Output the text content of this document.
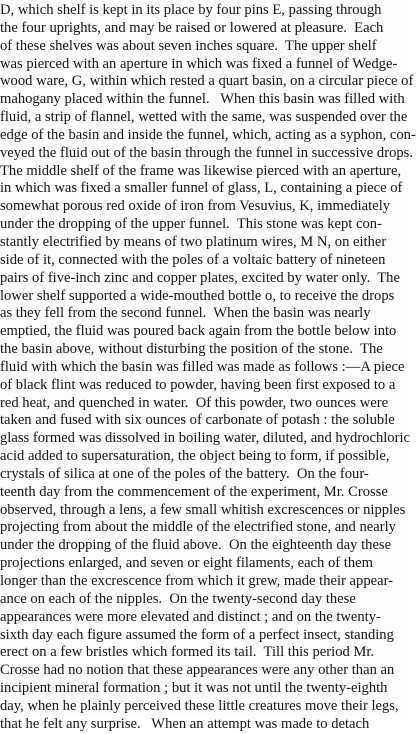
D, which shelf is kept in its place by four pins E, passing through
the four uprights, and may be raised or lowered at pleasure.  Each
of these shelves was about seven inches square.  The upper shelf
was pierced with an aperture in which was fixed a funnel of Wedge-
wood ware, G, within which rested a quart basin, on a circular piece of
mahogany placed within the funnel.   When this basin was filled with
fluid, a strip of flannel, wetted with the same, was suspended over the
edge of the basin and inside the funnel, which, acting as a syphon, con-
veyed the fluid out of the basin through the funnel in successive drops.
The middle shelf of the frame was likewise pierced with an aperture,
in which was fixed a smaller funnel of glass, L, containing a piece of
somewhat porous red oxide of iron from Vesuvius, K, immediately
under the dropping of the upper funnel.  This stone was kept con-
stantly electrified by means of two platinum wires, M N, on either
side of it, connected with the poles of a voltaic battery of nineteen
pairs of five-inch zinc and copper plates, excited by water only.  The
lower shelf supported a wide-mouthed bottle o, to receive the drops
as they fell from the second funnel.  When the basin was nearly
emptied, the fluid was poured back again from the bottle below into
the basin above, without disturbing the position of the stone.  The
fluid with which the basin was filled was made as follows :—A piece
of black flint was reduced to powder, having been first exposed to a
red heat, and quenched in water.  Of this powder, two ounces were
taken and fused with six ounces of carbonate of potash : the soluble
glass formed was dissolved in boiling water, diluted, and hydrochloric
acid added to supersaturation, the object being to form, if possible,
crystals of silica at one of the poles of the battery.  On the four-
teenth day from the commencement of the experiment, Mr. Crosse
observed, through a lens, a few small whitish excrescences or nipples
projecting from about the middle of the electrified stone, and nearly
under the dropping of the fluid above.  On the eighteenth day these
projections enlarged, and seven or eight filaments, each of them
longer than the excrescence from which it grew, made their appear-
ance on each of the nipples.  On the twenty-second day these
appearances were more elevated and distinct ; and on the twenty-
sixth day each figure assumed the form of a perfect insect, standing
erect on a few bristles which formed its tail.  Till this period Mr.
Crosse had no notion that these appearances were any other than an
incipient mineral formation ; but it was not until the twenty-eighth
day, when he plainly perceived these little creatures move their legs,
that he felt any surprise.   When an attempt was made to detach
